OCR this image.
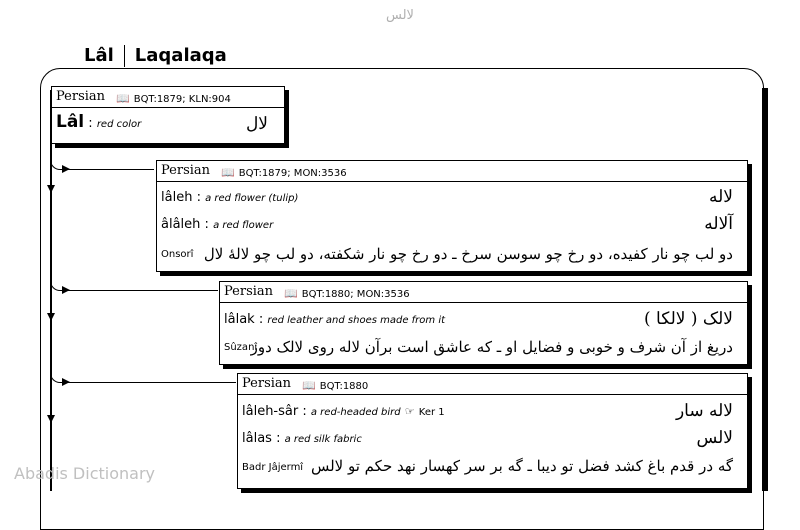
لالس
Lâl Laqalaqa
Persian 📖 BQT:1879; KLN:904
Lâl : red color	لال
Persian 📖 BQT:1879; MON:3536
lâleh : a red flower (tulip)	لاله
âlâleh : a red flower	آلاله
Onsorî دو لب چو نار کفیده، دو رخ چو سوسن سرخ ـ دو رخ چو نار شکفته، دو لب چو لالهٔ لال
Persian 📖 BQT:1880; MON:3536
lâlak : red leather and shoes made from it	لالک ( لالکا )
Sûzanî
دریغ از آن شرف و خوبی و فضایل او ـ که عاشق است برآن لاله روی لالک دوز
Persian 📖 BQT:1880
lâleh-sâr : a red-headed bird ☞ Ker 1	لاله سار
lâlas : a red silk fabric	لالس
Badr Jâjermî گه در قدم باغ کشد فضل تو دیبا ـ گه بر سر کهسار نهد حکم تو لالس
Abadis Dictionary
